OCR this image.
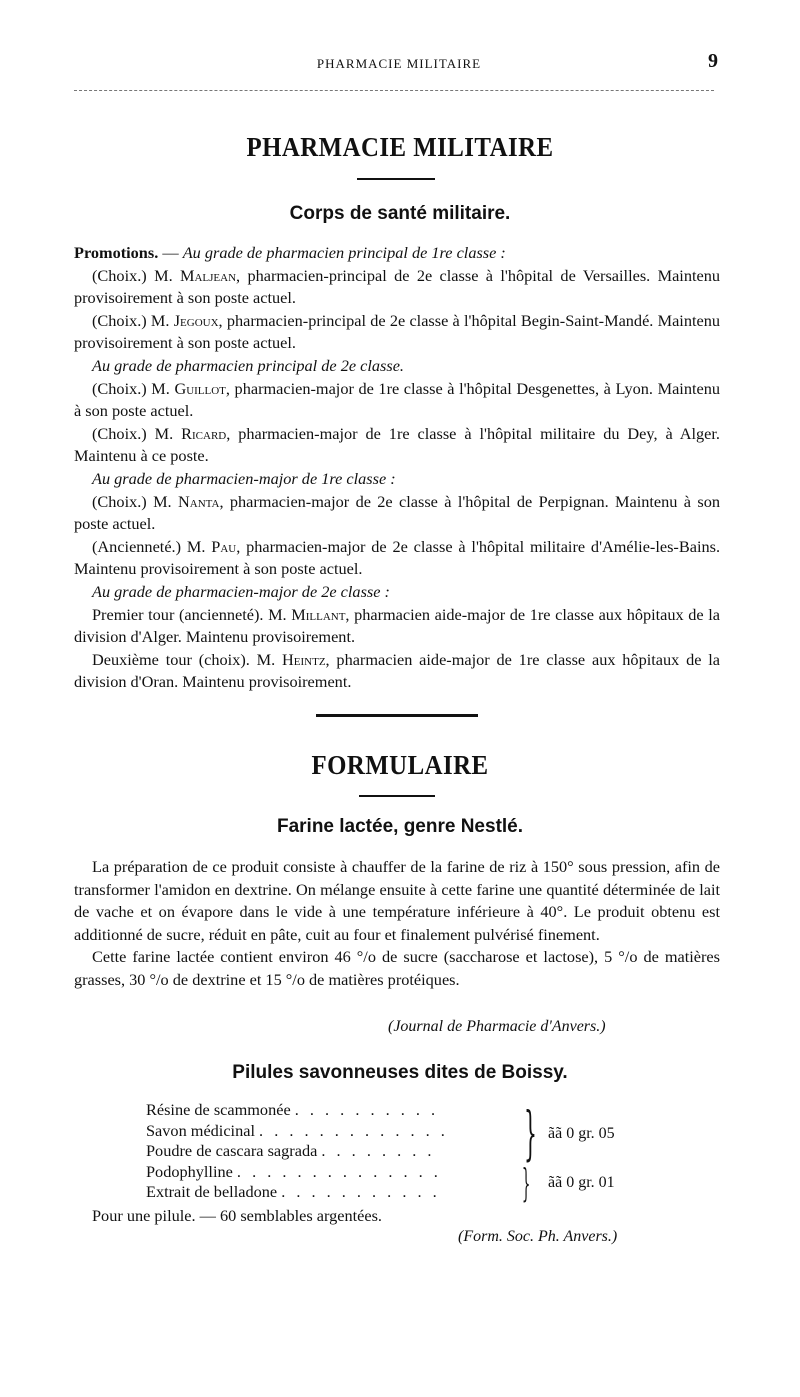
PHARMACIE MILITAIRE	9
PHARMACIE MILITAIRE
Corps de santé militaire.

Promotions. — Au grade de pharmacien principal de 1re classe :

(Choix.) M. Maljean, pharmacien-principal de 2e classe à l'hôpital de Versailles. Maintenu provisoirement à son poste actuel.

(Choix.) M. Jegoux, pharmacien-principal de 2e classe à l'hôpital Begin-Saint-Mandé. Maintenu provisoirement à son poste actuel.

Au grade de pharmacien principal de 2e classe.

(Choix.) M. Guillot, pharmacien-major de 1re classe à l'hôpital Desgenettes, à Lyon. Maintenu à son poste actuel.

(Choix.) M. Ricard, pharmacien-major de 1re classe à l'hôpital militaire du Dey, à Alger. Maintenu à ce poste.

Au grade de pharmacien-major de 1re classe :

(Choix.) M. Nanta, pharmacien-major de 2e classe à l'hôpital de Perpignan. Maintenu à son poste actuel.

(Ancienneté.) M. Pau, pharmacien-major de 2e classe à l'hôpital militaire d'Amélie-les-Bains. Maintenu provisoirement à son poste actuel.

Au grade de pharmacien-major de 2e classe :

Premier tour (ancienneté). M. Millant, pharmacien aide-major de 1re classe aux hôpitaux de la division d'Alger. Maintenu provisoirement.

Deuxième tour (choix). M. Heintz, pharmacien aide-major de 1re classe aux hôpitaux de la division d'Oran. Maintenu provisoirement.

FORMULAIRE
Farine lactée, genre Nestlé.

La préparation de ce produit consiste à chauffer de la farine de riz à 150° sous pression, afin de transformer l'amidon en dextrine. On mélange ensuite à cette farine une quantité déterminée de lait de vache et on évapore dans le vide à une température inférieure à 40°. Le produit obtenu est additionné de sucre, réduit en pâte, cuit au four et finalement pulvérisé finement.

Cette farine lactée contient environ 46 °/o de sucre (saccharose et lactose), 5 °/o de matières grasses, 30 °/o de dextrine et 15 °/o de matières protéiques.

(Journal de Pharmacie d'Anvers.)
Pilules savonneuses dites de Boissy.
Résine de scammonée . . . . . . . . . .
Savon médicinal . . . . . . . . . . . . .
Poudre de cascara sagrada . . . . . . . .
Podophylline . . . . . . . . . . . . . .
Extrait de belladone . . . . . . . . . . .
} ãã 0 gr. 05
} ãã 0 gr. 01
Pour une pilule. — 60 semblables argentées.
(Form. Soc. Ph. Anvers.)
